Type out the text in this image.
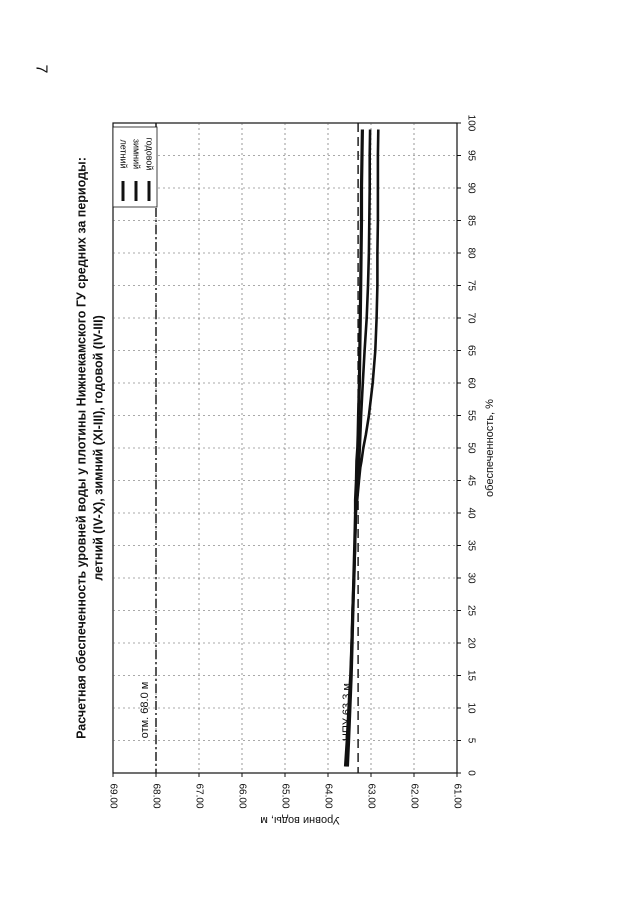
7
0
5
10
15
20
25
30
35
40
45
50
55
60
65
70
75
80
85
90
95
100
69.00	68.00	67.00	66.00	65.00	64.00	63.00	62.00	61.00
отм. 68.0 м	НПУ 63.3 м
летний зимний годовой
обеспеченность, %
Уровни воды, м
Расчетная обеспеченность уровней воды у плотины Нижнекамского ГУ средних за периоды: летний (IV-X), зимний (XI-III), годовой (IV-III)
